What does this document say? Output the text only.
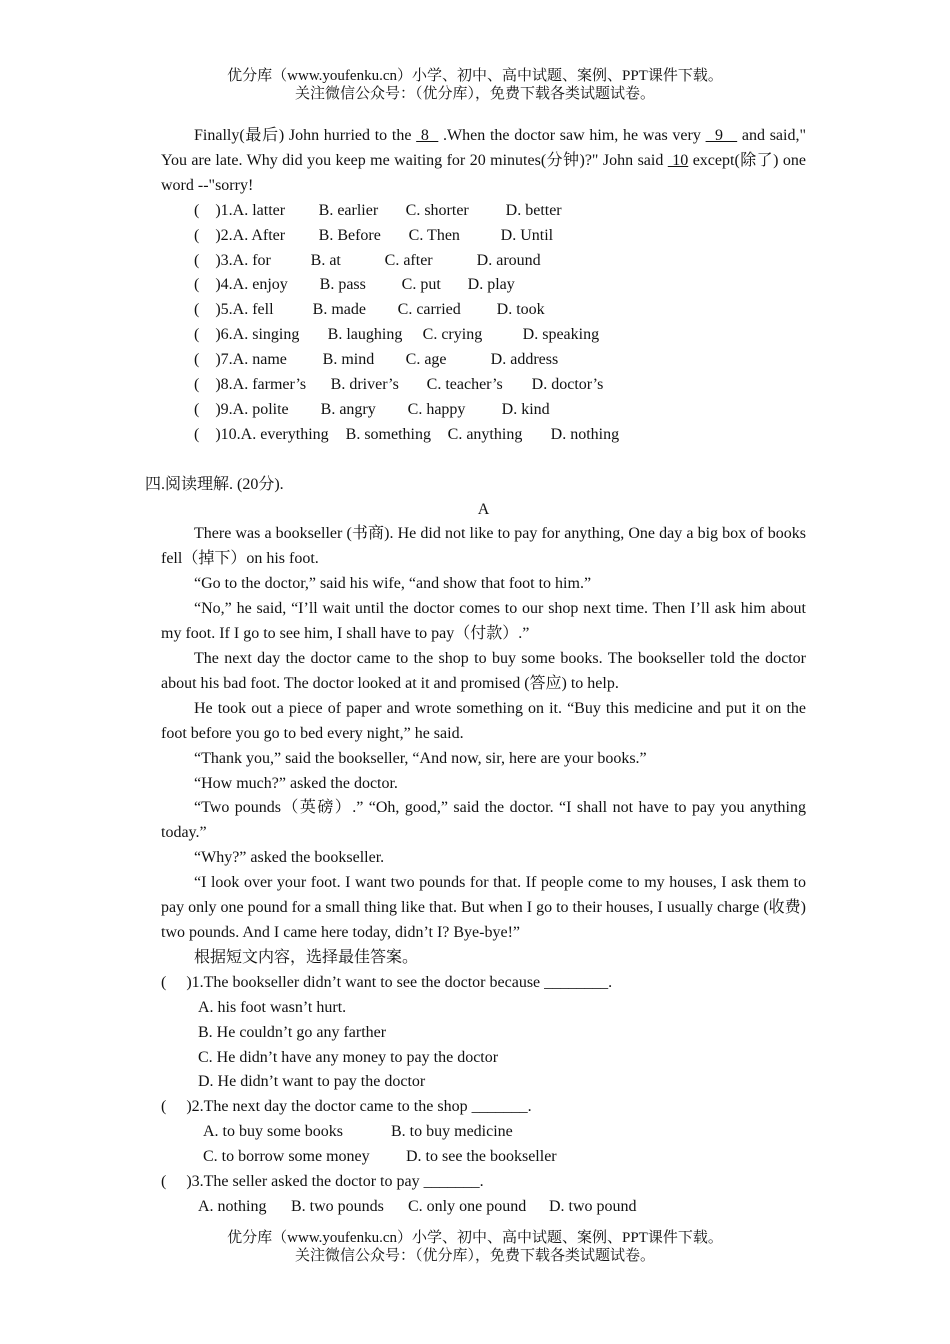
优分库（www.youfenku.cn）小学、初中、高中试题、案例、PPT课件下载。
关注微信公众号：（优分库），免费下载各类试题试卷。

Finally(最后) John hurried to the  8   .When the doctor saw him, he was very   9    and said," You are late. Why did you keep me waiting for 20 minutes(分钟)?" John said  10 except(除了) one word --"sorry!

(    )1.A. latter B. earlier C. shorter D. better

(    )2.A. After B. Before C. Then	D. Until

(    )3.A. for B. at	C. after	D. around

(    )4.A. enjoy B. pass C. put D. play

(    )5.A. fell B. made C. carried D. took

(    )6.A. singing B. laughing C. crying	D. speaking

(    )7.A. name B. mind C. age	D. address

(    )8.A. farmer’s B. driver’s C. teacher’s D. doctor’s

(    )9.A. polite B. angry C. happy D. kind

(    )10.A. everything B. something C. anything D. nothing

四.阅读理解. (20分).

A

There was a bookseller (书商). He did not like to pay for anything, One day a big box of books fell（掉下）on his foot.

“Go to the doctor,” said his wife, “and show that foot to him.”

“No,” he said, “I’ll wait until the doctor comes to our shop next time. Then I’ll ask him about my foot. If I go to see him, I shall have to pay（付款）.”

The next day the doctor came to the shop to buy some books. The bookseller told the doctor about his bad foot. The doctor looked at it and promised (答应) to help.

He took out a piece of paper and wrote something on it. “Buy this medicine and put it on the foot before you go to bed every night,” he said.

“Thank you,” said the bookseller, “And now, sir, here are your books.”

“How much?” asked the doctor.

“Two pounds（英磅）.” “Oh, good,” said the doctor. “I shall not have to pay you anything today.”

“Why?” asked the bookseller.

“I look over your foot. I want two pounds for that. If people come to my houses, I ask them to pay only one pound for a small thing like that. But when I go to their houses, I usually charge (收费) two pounds. And I came here today, didn’t I? Bye-bye!”

根据短文内容，选择最佳答案。

(     )1.The bookseller didn’t want to see the doctor because ________.

A. his foot wasn’t hurt.

B. He couldn’t go any farther

C. He didn’t have any money to pay the doctor

D. He didn’t want to pay the doctor

(     )2.The next day the doctor came to the shop _______.

A. to buy some books	B. to buy medicine

C. to borrow some money D. to see the bookseller

(     )3.The seller asked the doctor to pay _______.

A. nothing B. two pounds C. only one pound D. two pound

优分库（www.youfenku.cn）小学、初中、高中试题、案例、PPT课件下载。
关注微信公众号：（优分库），免费下载各类试题试卷。
